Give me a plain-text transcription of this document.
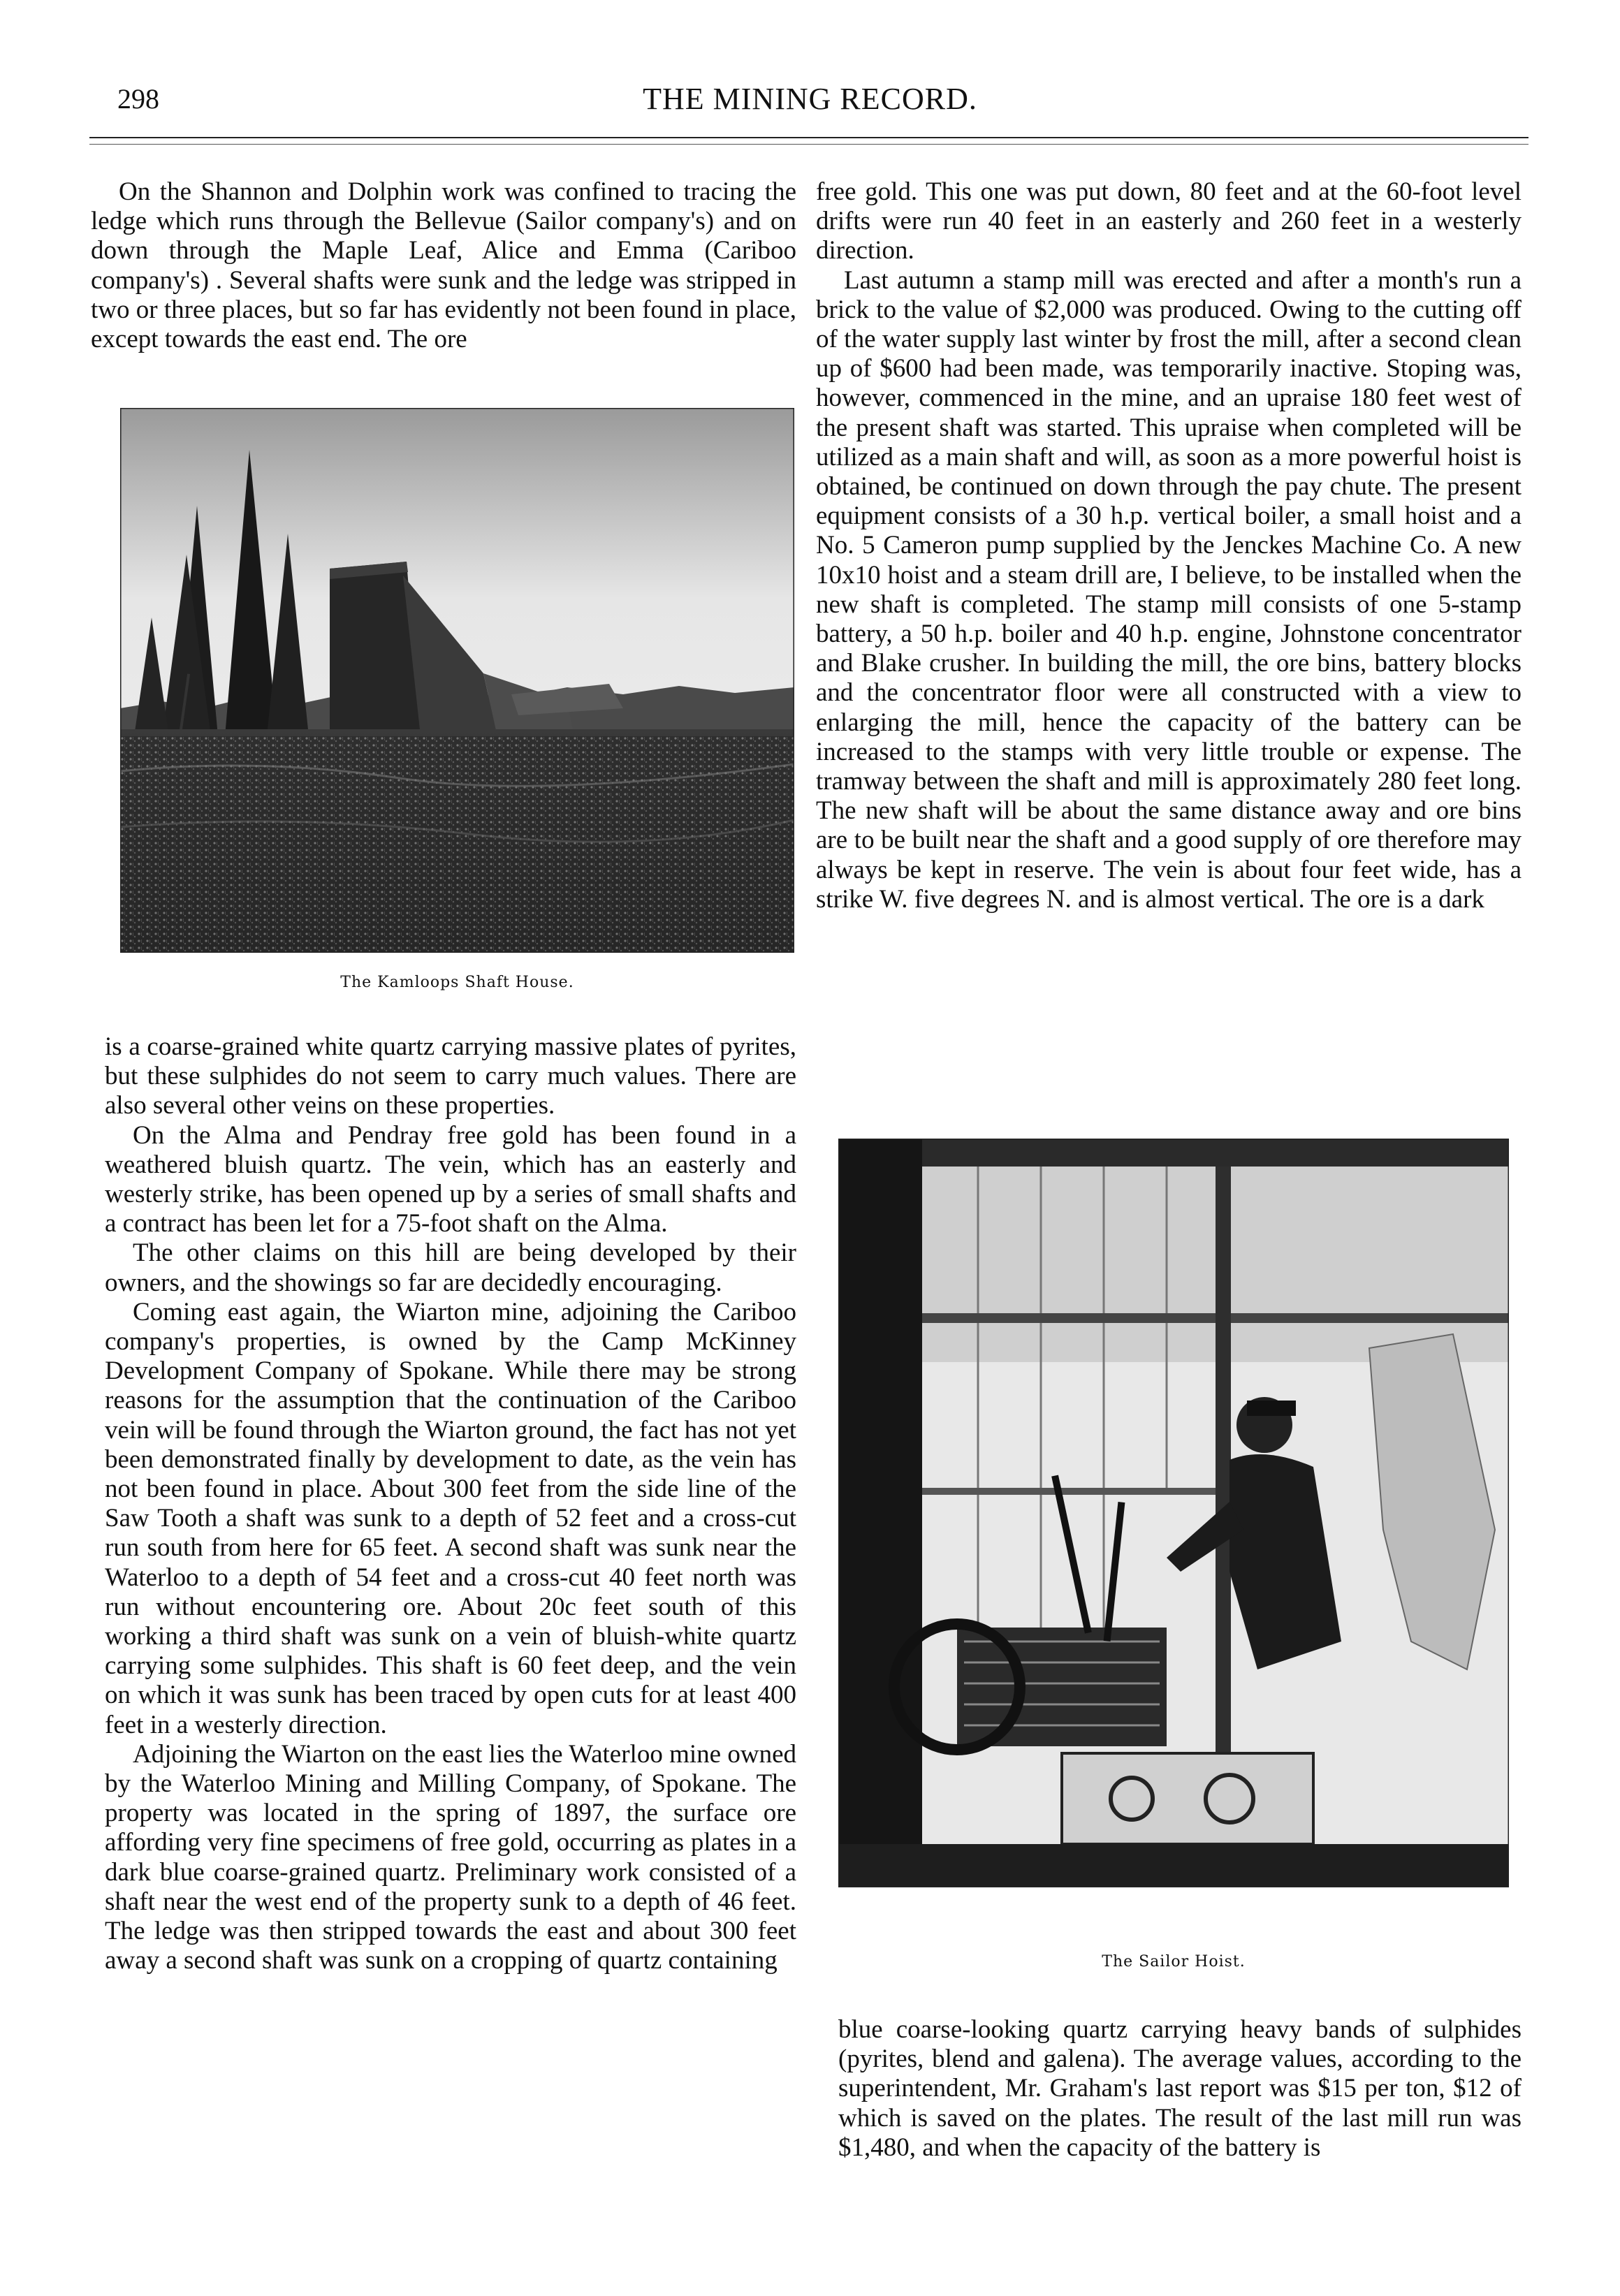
298	THE MINING RECORD.

On the Shannon and Dolphin work was confined to tracing the ledge which runs through the Bellevue (Sailor company's) and on down through the Maple Leaf, Alice and Emma (Cariboo company's) . Several shafts were sunk and the ledge was stripped in two or three places, but so far has evidently not been found in place, except towards the east end. The ore

The Kamloops Shaft House.

is a coarse-grained white quartz carrying massive plates of pyrites, but these sulphides do not seem to carry much values. There are also several other veins on these properties.

On the Alma and Pendray free gold has been found in a weathered bluish quartz. The vein, which has an easterly and westerly strike, has been opened up by a series of small shafts and a contract has been let for a 75-foot shaft on the Alma.

The other claims on this hill are being developed by their owners, and the showings so far are decidedly encouraging.

Coming east again, the Wiarton mine, adjoining the Cariboo company's properties, is owned by the Camp McKinney Development Company of Spokane. While there may be strong reasons for the assumption that the continuation of the Cariboo vein will be found through the Wiarton ground, the fact has not yet been demonstrated finally by development to date, as the vein has not been found in place. About 300 feet from the side line of the Saw Tooth a shaft was sunk to a depth of 52 feet and a cross-cut run south from here for 65 feet. A second shaft was sunk near the Waterloo to a depth of 54 feet and a cross-cut 40 feet north was run without encountering ore. About 20c feet south of this working a third shaft was sunk on a vein of bluish-white quartz carrying some sulphides. This shaft is 60 feet deep, and the vein on which it was sunk has been traced by open cuts for at least 400 feet in a westerly direction.

Adjoining the Wiarton on the east lies the Waterloo mine owned by the Waterloo Mining and Milling Company, of Spokane. The property was located in the spring of 1897, the surface ore affording very fine specimens of free gold, occurring as plates in a dark blue coarse-grained quartz. Preliminary work consisted of a shaft near the west end of the property sunk to a depth of 46 feet. The ledge was then stripped towards the east and about 300 feet away a second shaft was sunk on a cropping of quartz containing

free gold. This one was put down, 80 feet and at the 60-foot level drifts were run 40 feet in an easterly and 260 feet in a westerly direction.

Last autumn a stamp mill was erected and after a month's run a brick to the value of $2,000 was produced. Owing to the cutting off of the water supply last winter by frost the mill, after a second clean up of $600 had been made, was temporarily inactive. Stoping was, however, commenced in the mine, and an upraise 180 feet west of the present shaft was started. This upraise when completed will be utilized as a main shaft and will, as soon as a more powerful hoist is obtained, be continued on down through the pay chute. The present equipment consists of a 30 h.p. vertical boiler, a small hoist and a No. 5 Cameron pump supplied by the Jenckes Machine Co. A new 10x10 hoist and a steam drill are, I believe, to be installed when the new shaft is completed. The stamp mill consists of one 5-stamp battery, a 50 h.p. boiler and 40 h.p. engine, Johnstone concentrator and Blake crusher. In building the mill, the ore bins, battery blocks and the concentrator floor were all constructed with a view to enlarging the mill, hence the capacity of the battery can be increased to the stamps with very little trouble or expense. The tramway between the shaft and mill is approximately 280 feet long. The new shaft will be about the same distance away and ore bins are to be built near the shaft and a good supply of ore therefore may always be kept in reserve. The vein is about four feet wide, has a strike W. five degrees N. and is almost vertical. The ore is a dark

The Sailor Hoist.

blue coarse-looking quartz carrying heavy bands of sulphides (pyrites, blend and galena). The average values, according to the superintendent, Mr. Graham's last report was $15 per ton, $12 of which is saved on the plates. The result of the last mill run was $1,480, and when the capacity of the battery is
